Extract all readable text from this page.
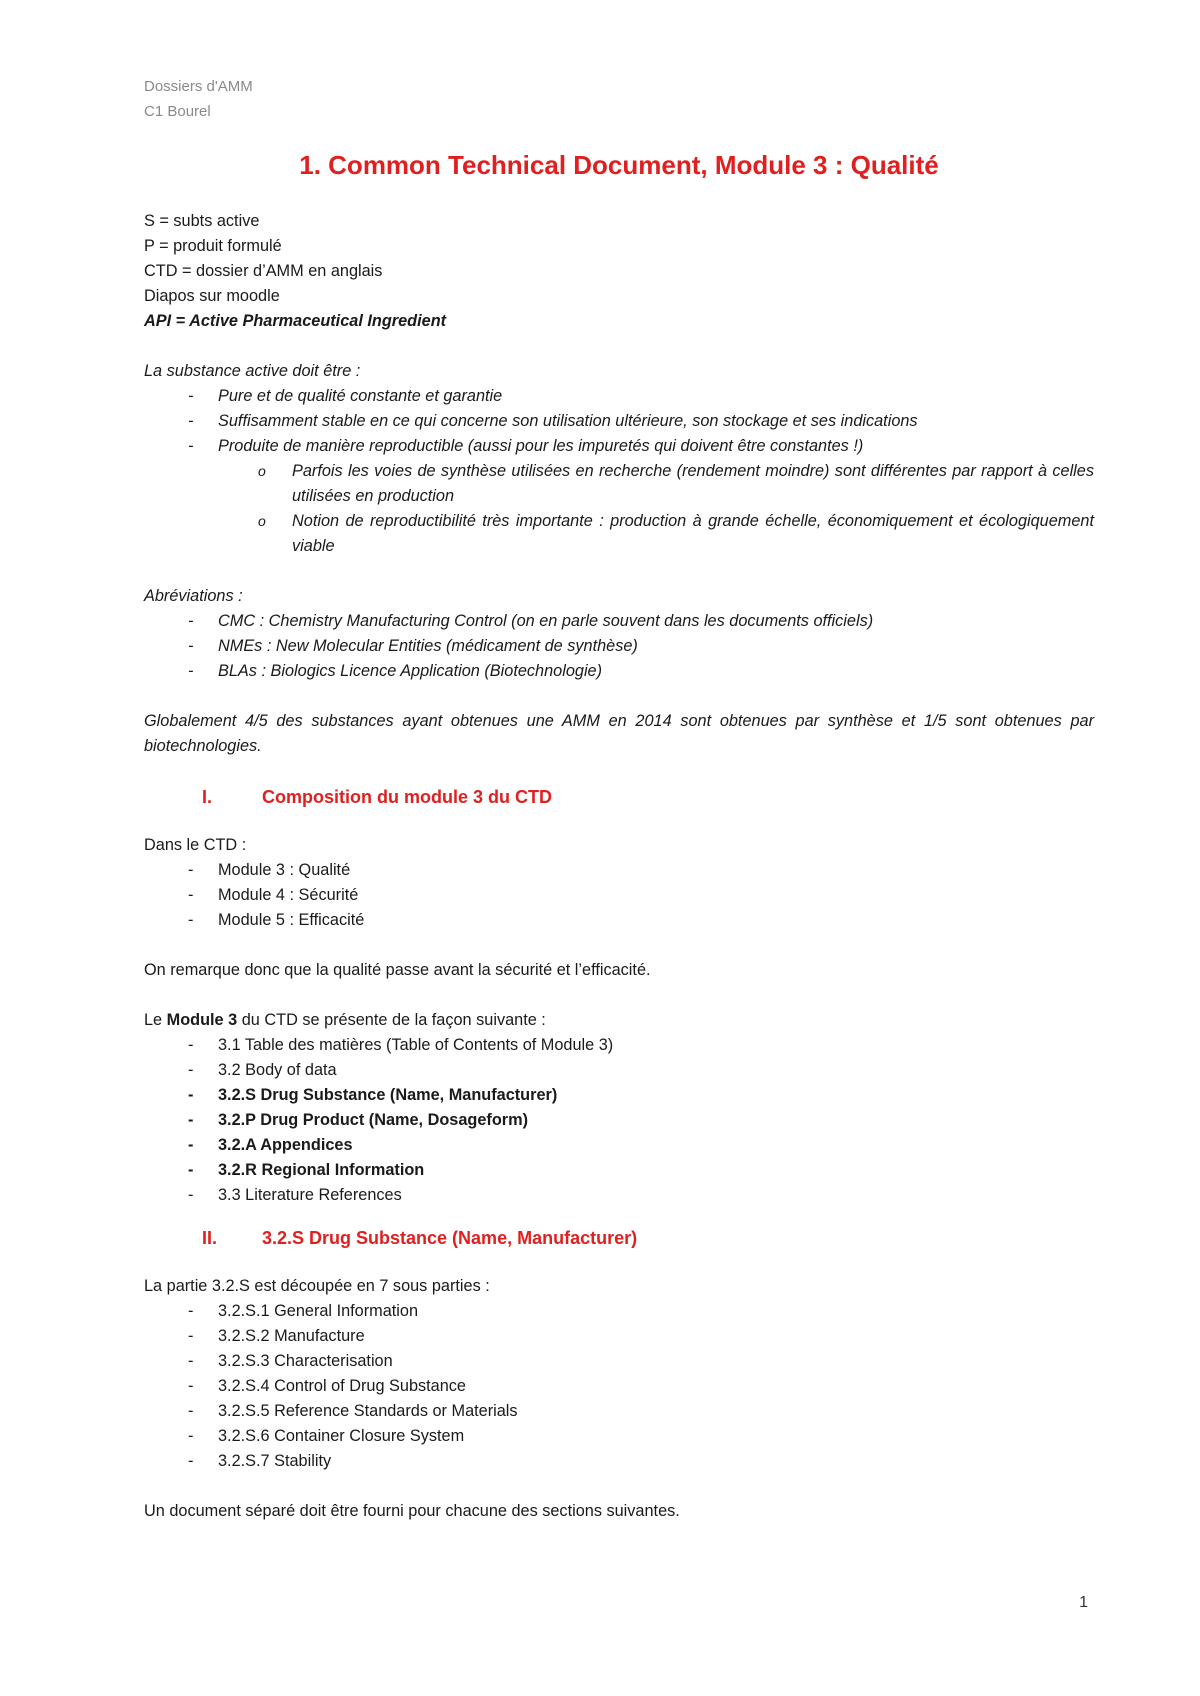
Dossiers d'AMM
C1 Bourel
1. Common Technical Document, Module 3 : Qualité
S = subts active
P = produit formulé
CTD = dossier d’AMM en anglais
Diapos sur moodle
API = Active Pharmaceutical Ingredient
La substance active doit être :
- Pure et de qualité constante et garantie
- Suffisamment stable en ce qui concerne son utilisation ultérieure, son stockage et ses indications
- Produite de manière reproductible (aussi pour les impuretés qui doivent être constantes !)
o Parfois les voies de synthèse utilisées en recherche (rendement moindre) sont différentes par rapport à celles utilisées en production
o Notion de reproductibilité très importante : production à grande échelle, économiquement et écologiquement viable
Abréviations :
- CMC : Chemistry Manufacturing Control (on en parle souvent dans les documents officiels)
- NMEs : New Molecular Entities (médicament de synthèse)
- BLAs : Biologics Licence Application (Biotechnologie)
Globalement 4/5 des substances ayant obtenues une AMM en 2014 sont obtenues par synthèse et 1/5 sont obtenues par biotechnologies.
I.	Composition du module 3 du CTD
Dans le CTD :
- Module 3 : Qualité
- Module 4 : Sécurité
- Module 5 : Efficacité
On remarque donc que la qualité passe avant la sécurité et l’efficacité.
Le Module 3 du CTD se présente de la façon suivante :
- 3.1 Table des matières (Table of Contents of Module 3)
- 3.2 Body of data
- 3.2.S Drug Substance (Name, Manufacturer)
- 3.2.P Drug Product (Name, Dosageform)
- 3.2.A Appendices
- 3.2.R Regional Information
- 3.3 Literature References
II.	3.2.S Drug Substance (Name, Manufacturer)
La partie 3.2.S est découpée en 7 sous parties :
- 3.2.S.1 General Information
- 3.2.S.2 Manufacture
- 3.2.S.3 Characterisation
- 3.2.S.4 Control of Drug Substance
- 3.2.S.5 Reference Standards or Materials
- 3.2.S.6 Container Closure System
- 3.2.S.7 Stability
Un document séparé doit être fourni pour chacune des sections suivantes.
1
